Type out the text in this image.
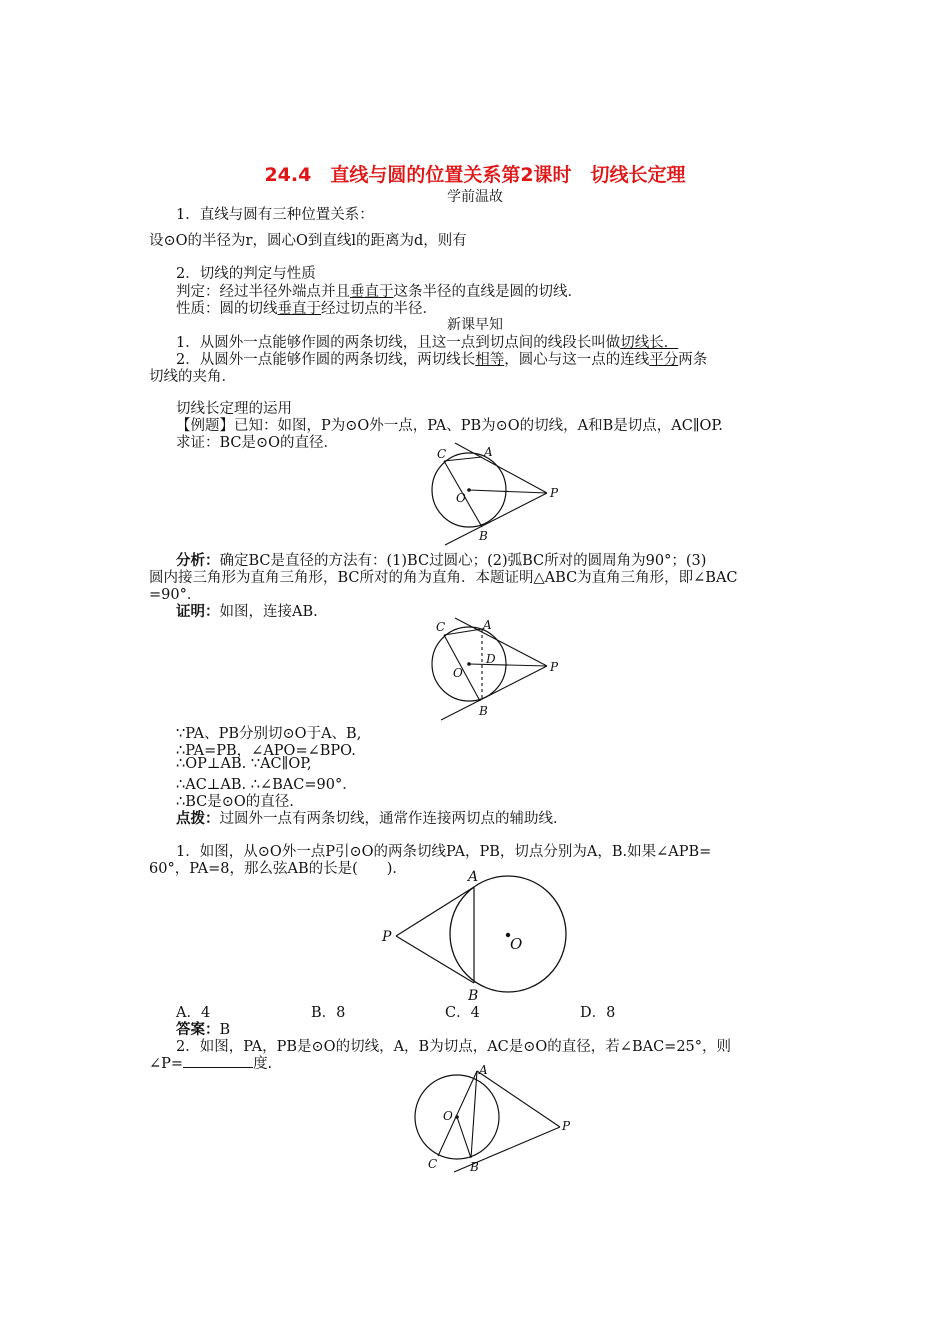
24.4　直线与圆的位置关系第2课时　切线长定理
学前温故
1．直线与圆有三种位置关系：
设⊙O的半径为r，圆心O到直线l的距离为d，则有
2．切线的判定与性质
判定：经过半径外端点并且垂直于这条半径的直线是圆的切线．
性质：圆的切线垂直于经过切点的半径．
新课早知
1．从圆外一点能够作圆的两条切线，且这一点到切点间的线段长叫做切线长．
2．从圆外一点能够作圆的两条切线，两切线长相等，圆心与这一点的连线平分两条
切线的夹角．
切线长定理的运用
【例题】已知：如图，P为⊙O外一点，PA、PB为⊙O的切线，A和B是切点，AC∥OP.
求证：BC是⊙O的直径．
C	A
P
O
B
分析：确定BC是直径的方法有：(1)BC过圆心；(2)弧BC所对的圆周角为90°；(3)
圆内接三角形为直角三角形，BC所对的角为直角．本题证明△ABC为直角三角形，即∠BAC
=90°．
证明：如图，连接AB.
C	A
P
O
D
B
∵PA、PB分别切⊙O于A、B,
∴PA=PB，∠APO=∠BPO.
∴OP⊥AB. ∵AC∥OP,
∴AC⊥AB. ∴∠BAC=90°．
∴BC是⊙O的直径.
点拨：过圆外一点有两条切线，通常作连接两切点的辅助线．
1．如图，从⊙O外一点P引⊙O的两条切线PA，PB，切点分别为A，B.如果∠APB=
60°，PA=8，那么弦AB的长是(　　)．	A
P	O
B
A．4	B．8	C．4	D．8
答案：B
2．如图，PA，PB是⊙O的切线，A，B为切点，AC是⊙O的直径，若∠BAC=25°，则
∠P=	度.	A
O
P
C	B
